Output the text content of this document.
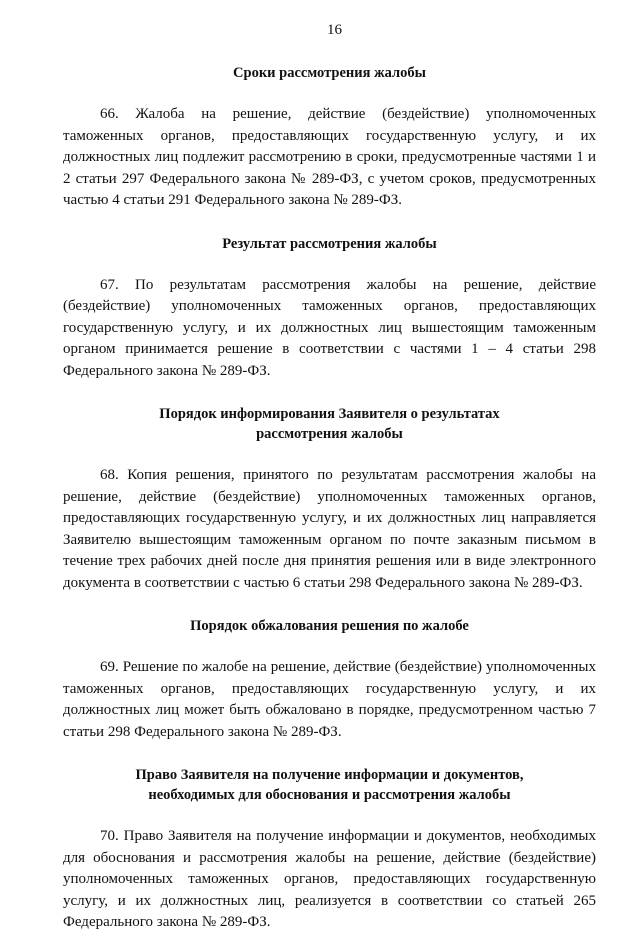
16
Сроки рассмотрения жалобы

66. Жалоба на решение, действие (бездействие) уполномоченных таможенных органов, предоставляющих государственную услугу, и их должностных лиц подлежит рассмотрению в сроки, предусмотренные частями 1 и 2 статьи 297 Федерального закона № 289-ФЗ, с учетом сроков, предусмотренных частью 4 статьи 291 Федерального закона № 289-ФЗ.

Результат рассмотрения жалобы

67. По результатам рассмотрения жалобы на решение, действие (бездействие) уполномоченных таможенных органов, предоставляющих государственную услугу, и их должностных лиц вышестоящим таможенным органом принимается решение в соответствии с частями 1 – 4 статьи 298 Федерального закона № 289-ФЗ.

Порядок информирования Заявителя о результатах
рассмотрения жалобы

68. Копия решения, принятого по результатам рассмотрения жалобы на решение, действие (бездействие) уполномоченных таможенных органов, предоставляющих государственную услугу, и их должностных лиц направляется Заявителю вышестоящим таможенным органом по почте заказным письмом в течение трех рабочих дней после дня принятия решения или в виде электронного документа в соответствии с частью 6 статьи 298 Федерального закона № 289-ФЗ.

Порядок обжалования решения по жалобе

69. Решение по жалобе на решение, действие (бездействие) уполномоченных таможенных органов, предоставляющих государственную услугу, и их должностных лиц может быть обжаловано в порядке, предусмотренном частью 7 статьи 298 Федерального закона № 289-ФЗ.

Право Заявителя на получение информации и документов,
необходимых для обоснования и рассмотрения жалобы

70. Право Заявителя на получение информации и документов, необходимых для обоснования и рассмотрения жалобы на решение, действие (бездействие) уполномоченных таможенных органов, предоставляющих государственную услугу, и их должностных лиц, реализуется в соответствии со статьей 265 Федерального закона № 289-ФЗ.
